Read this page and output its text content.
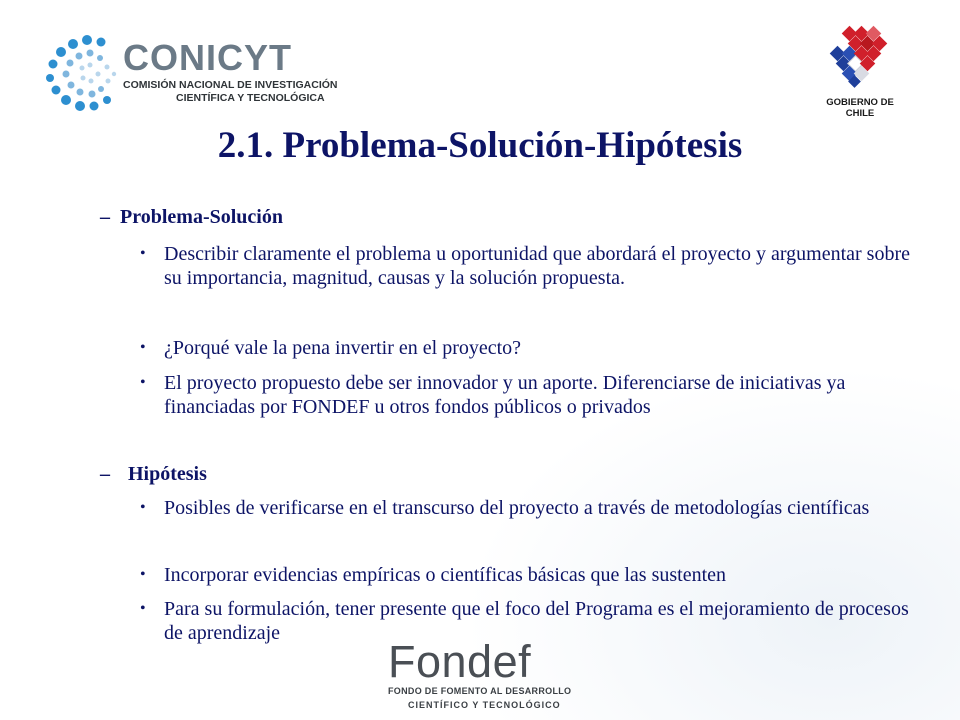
CONICYT
COMISIÓN NACIONAL DE INVESTIGACIÓN
CIENTÍFICA Y TECNOLÓGICA	GOBIERNO DE CHILE
2.1. Problema-Solución-Hipótesis
– Problema-Solución
• Describir claramente el problema u oportunidad que abordará el proyecto y argumentar sobre su importancia, magnitud, causas y la solución propuesta.
• ¿Porqué vale la pena invertir en el proyecto?
• El proyecto propuesto debe ser innovador y un aporte. Diferenciarse de iniciativas ya financiadas por FONDEF u otros fondos públicos o privados
– Hipótesis
• Posibles de verificarse en el transcurso del proyecto a través de metodologías científicas
• Incorporar evidencias empíricas o científicas básicas que las sustenten
• Para su formulación, tener presente que el foco del Programa es el mejoramiento de procesos de aprendizaje
Fondef
FONDO DE FOMENTO AL DESARROLLO
CIENTÍFICO Y TECNOLÓGICO
